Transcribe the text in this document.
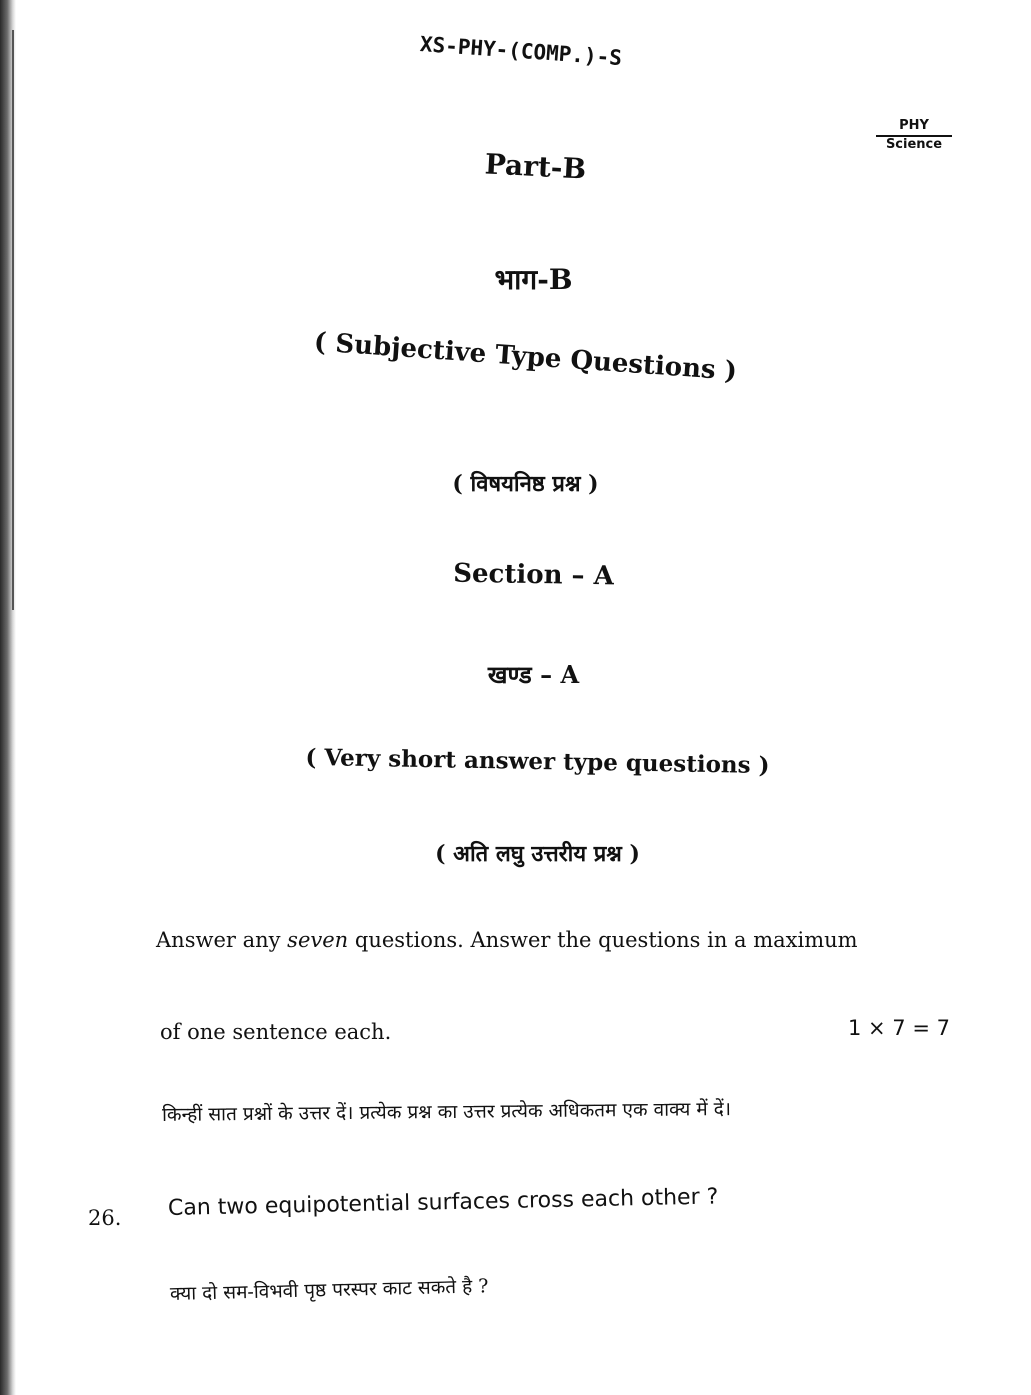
XS-PHY-(COMP.)-S
PHY
Science
Part-B
भाग-B
( Subjective Type Questions )
( विषयनिष्ठ प्रश्न )
Section – A
खण्ड – A
( Very short answer type questions )
( अति लघु उत्तरीय प्रश्न )
Answer any seven questions. Answer the questions in a maximum
of one sentence each.	1 × 7 = 7
किन्हीं सात प्रश्नों के उत्तर दें। प्रत्येक प्रश्न का उत्तर प्रत्येक अधिकतम एक वाक्य में दें।
26. Can two equipotential surfaces cross each other ?
क्या दो सम-विभवी पृष्ठ परस्पर काट सकते है ?
